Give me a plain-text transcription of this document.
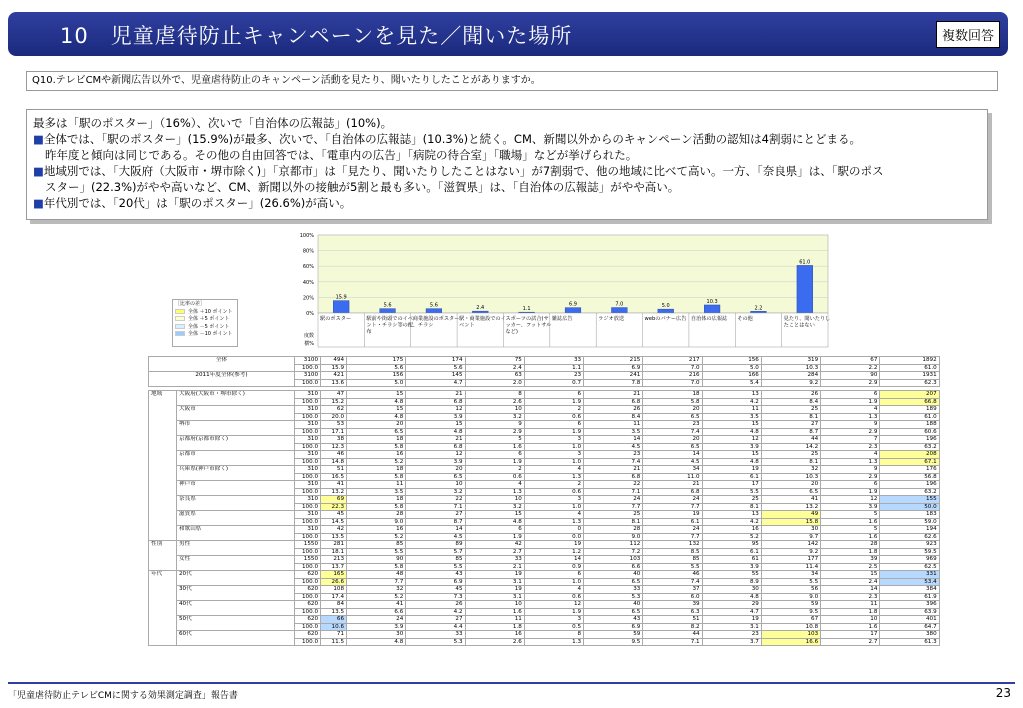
10　児童虐待防止キャンペーンを見た／聞いた場所	複数回答
Q10.テレビCMや新聞広告以外で、児童虐待防止のキャンペーン活動を見たり、聞いたりしたことがありますか。

最多は「駅のポスター」（16%）、次いで「自治体の広報誌」(10%)。

■全体では、「駅のポスター」(15.9%)が最多、次いで、「自治体の広報誌」(10.3%)と続く。CM、新聞以外からのキャンペーン活動の認知は4割弱にとどまる。

昨年度と傾向は同じである。その他の自由回答では、「電車内の広告」「病院の待合室」「職場」などが挙げられた。

■地域別では、「大阪府（大阪市・堺市除く)」「京都市」は「見たり、聞いたりしたことはない」が7割弱で、他の地域に比べて高い。一方、「奈良県」は、「駅のポス

スター」(22.3%)がやや高いなど、CM、新聞以外の接触が5割と最も多い。「滋賀県」は、「自治体の広報誌」がやや高い。

■年代別では、「20代」は「駅のポスター」(26.6%)が高い。

100%
80%
60%
40%
20%
0%
15.9
5.6	5.6	2.4	1.1
6.9	7.0	5.0
10.3
2.2
61.0
駅のポスター	駅前や街頭でのイベント・チラシ等の配布
商業施設のポスター、チラシ
駅・商業施設でのイベント
スポーツの試合(サッカー、フットサルなど)
雑誌広告	ラジオ放送	webのバナー広告 自治体の広報誌 その他	見たり、聞いたりしたことはない
度数
横%
［比率の差］
全体 ＋10 ポイント
全体 ＋5 ポイント
全体 －5 ポイント
全体 －10 ポイント
全体		3100	494	175	174	75	33	215	217	156	319	67	1892
		100.0	15.9	5.6	5.6	2.4	1.1	6.9	7.0	5.0	10.3	2.2	61.0
2011年度全体(参考)		3100	421	156	145	63	23	241	216	166	284	90	1931
		100.0	13.6	5.0	4.7	2.0	0.7	7.8	7.0	5.4	9.2	2.9	62.3

地域	大阪府(大阪市・堺市除く)	310	47	15	21	8	6	21	18	13	26	6	207
		100.0	15.2	4.8	6.8	2.6	1.9	6.8	5.8	4.2	8.4	1.9	66.8
	大阪市	310	62	15	12	10	2	26	20	11	25	4	189
		100.0	20.0	4.8	3.9	3.2	0.6	8.4	6.5	3.5	8.1	1.3	61.0
	堺市	310	53	20	15	9	6	11	23	15	27	9	188
		100.0	17.1	6.5	4.8	2.9	1.9	3.5	7.4	4.8	8.7	2.9	60.6
	京都府(京都市除く)	310	38	18	21	5	3	14	20	12	44	7	196
		100.0	12.3	5.8	6.8	1.6	1.0	4.5	6.5	3.9	14.2	2.3	63.2
	京都市	310	46	16	12	6	3	23	14	15	25	4	208
		100.0	14.8	5.2	3.9	1.9	1.0	7.4	4.5	4.8	8.1	1.3	67.1
	兵庫県(神戸市除く)	310	51	18	20	2	4	21	34	19	32	9	176
		100.0	16.5	5.8	6.5	0.6	1.3	6.8	11.0	6.1	10.3	2.9	56.8
	神戸市	310	41	11	10	4	2	22	21	17	20	6	196
		100.0	13.2	3.5	3.2	1.3	0.6	7.1	6.8	5.5	6.5	1.9	63.2
	奈良県	310	69	18	22	10	3	24	24	25	41	12	155
		100.0	22.3	5.8	7.1	3.2	1.0	7.7	7.7	8.1	13.2	3.9	50.0
	滋賀県	310	45	28	27	15	4	25	19	13	49	5	183
		100.0	14.5	9.0	8.7	4.8	1.3	8.1	6.1	4.2	15.8	1.6	59.0
	和歌山県	310	42	16	14	6	0	28	24	16	30	5	194
		100.0	13.5	5.2	4.5	1.9	0.0	9.0	7.7	5.2	9.7	1.6	62.6
性別	男性	1550	281	85	89	42	19	112	132	95	142	28	923
		100.0	18.1	5.5	5.7	2.7	1.2	7.2	8.5	6.1	9.2	1.8	59.5
	女性	1550	213	90	85	33	14	103	85	61	177	39	969
		100.0	13.7	5.8	5.5	2.1	0.9	6.6	5.5	3.9	11.4	2.5	62.5
年代	20代	620	165	48	43	19	6	40	46	55	34	15	331
		100.0	26.6	7.7	6.9	3.1	1.0	6.5	7.4	8.9	5.5	2.4	53.4
	30代	620	108	32	45	19	4	33	37	30	56	14	384
		100.0	17.4	5.2	7.3	3.1	0.6	5.3	6.0	4.8	9.0	2.3	61.9
	40代	620	84	41	26	10	12	40	39	29	59	11	396
		100.0	13.5	6.6	4.2	1.6	1.9	6.5	6.3	4.7	9.5	1.8	63.9
	50代	620	66	24	27	11	3	43	51	19	67	10	401
		100.0	10.6	3.9	4.4	1.8	0.5	6.9	8.2	3.1	10.8	1.6	64.7
	60代	620	71	30	33	16	8	59	44	23	103	17	380
		100.0	11.5	4.8	5.3	2.6	1.3	9.5	7.1	3.7	16.6	2.7	61.3
「児童虐待防止テレビCMに関する効果測定調査」報告書	23
